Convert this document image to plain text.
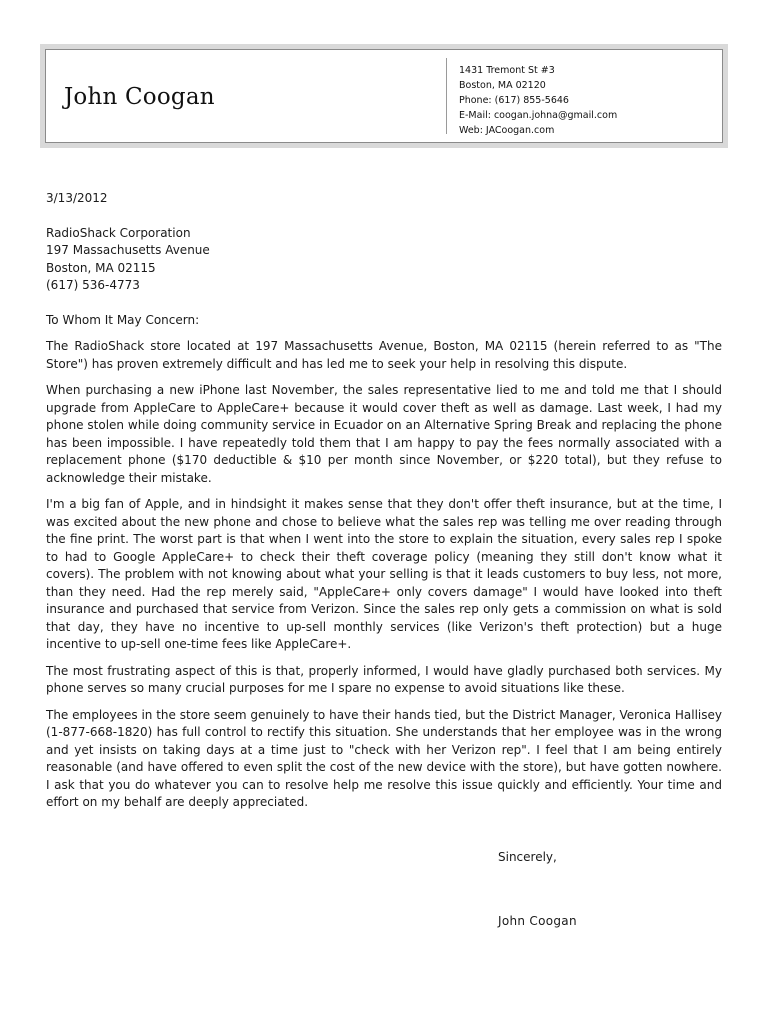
John Coogan
1431 Tremont St #3
Boston, MA 02120
Phone: (617) 855-5646
E-Mail: coogan.johna@gmail.com
Web: JACoogan.com
3/13/2012
RadioShack Corporation
197 Massachusetts Avenue
Boston, MA 02115
(617) 536-4773
To Whom It May Concern:
The RadioShack store located at 197 Massachusetts Avenue, Boston, MA 02115 (herein referred to as "The Store") has proven extremely difficult and has led me to seek your help in resolving this dispute.
When purchasing a new iPhone last November, the sales representative lied to me and told me that I should upgrade from AppleCare to AppleCare+ because it would cover theft as well as damage. Last week, I had my phone stolen while doing community service in Ecuador on an Alternative Spring Break and replacing the phone has been impossible. I have repeatedly told them that I am happy to pay the fees normally associated with a replacement phone ($170 deductible & $10 per month since November, or $220 total), but they refuse to acknowledge their mistake.
I'm a big fan of Apple, and in hindsight it makes sense that they don't offer theft insurance, but at the time, I was excited about the new phone and chose to believe what the sales rep was telling me over reading through the fine print. The worst part is that when I went into the store to explain the situation, every sales rep I spoke to had to Google AppleCare+ to check their theft coverage policy (meaning they still don't know what it covers). The problem with not knowing about what your selling is that it leads customers to buy less, not more, than they need. Had the rep merely said, "AppleCare+ only covers damage" I would have looked into theft insurance and purchased that service from Verizon. Since the sales rep only gets a commission on what is sold that day, they have no incentive to up-sell monthly services (like Verizon's theft protection) but a huge incentive to up-sell one-time fees like AppleCare+.
The most frustrating aspect of this is that, properly informed, I would have gladly purchased both services. My phone serves so many crucial purposes for me I spare no expense to avoid situations like these.
The employees in the store seem genuinely to have their hands tied, but the District Manager, Veronica Hallisey (1-877-668-1820) has full control to rectify this situation. She understands that her employee was in the wrong and yet insists on taking days at a time just to "check with her Verizon rep". I feel that I am being entirely reasonable (and have offered to even split the cost of the new device with the store), but have gotten nowhere. I ask that you do whatever you can to resolve help me resolve this issue quickly and efficiently. Your time and effort on my behalf are deeply appreciated.
Sincerely,
John Coogan
